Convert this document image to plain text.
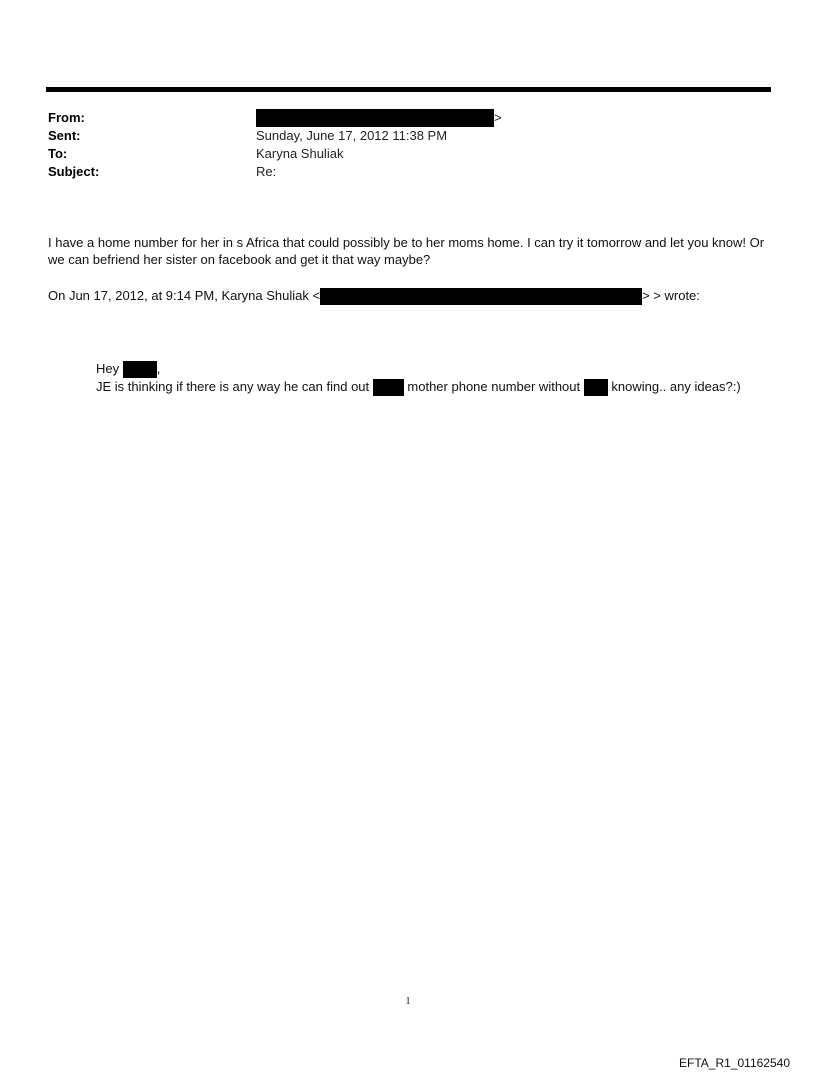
From:	>
Sent:	Sunday, June 17, 2012 11:38 PM
To:	Karyna Shuliak
Subject:	Re:
I have a home number for her in s Africa that could possibly be to her moms home. I can try it tomorrow and let you know! Or we can befriend her sister on facebook and get it that way maybe?
On Jun 17, 2012, at 9:14 PM, Karyna Shuliak <	> > wrote:
Hey	,
JE is thinking if there is any way he can find out	mother phone number without knowing.. any ideas?:)
1
EFTA_R1_01162540
